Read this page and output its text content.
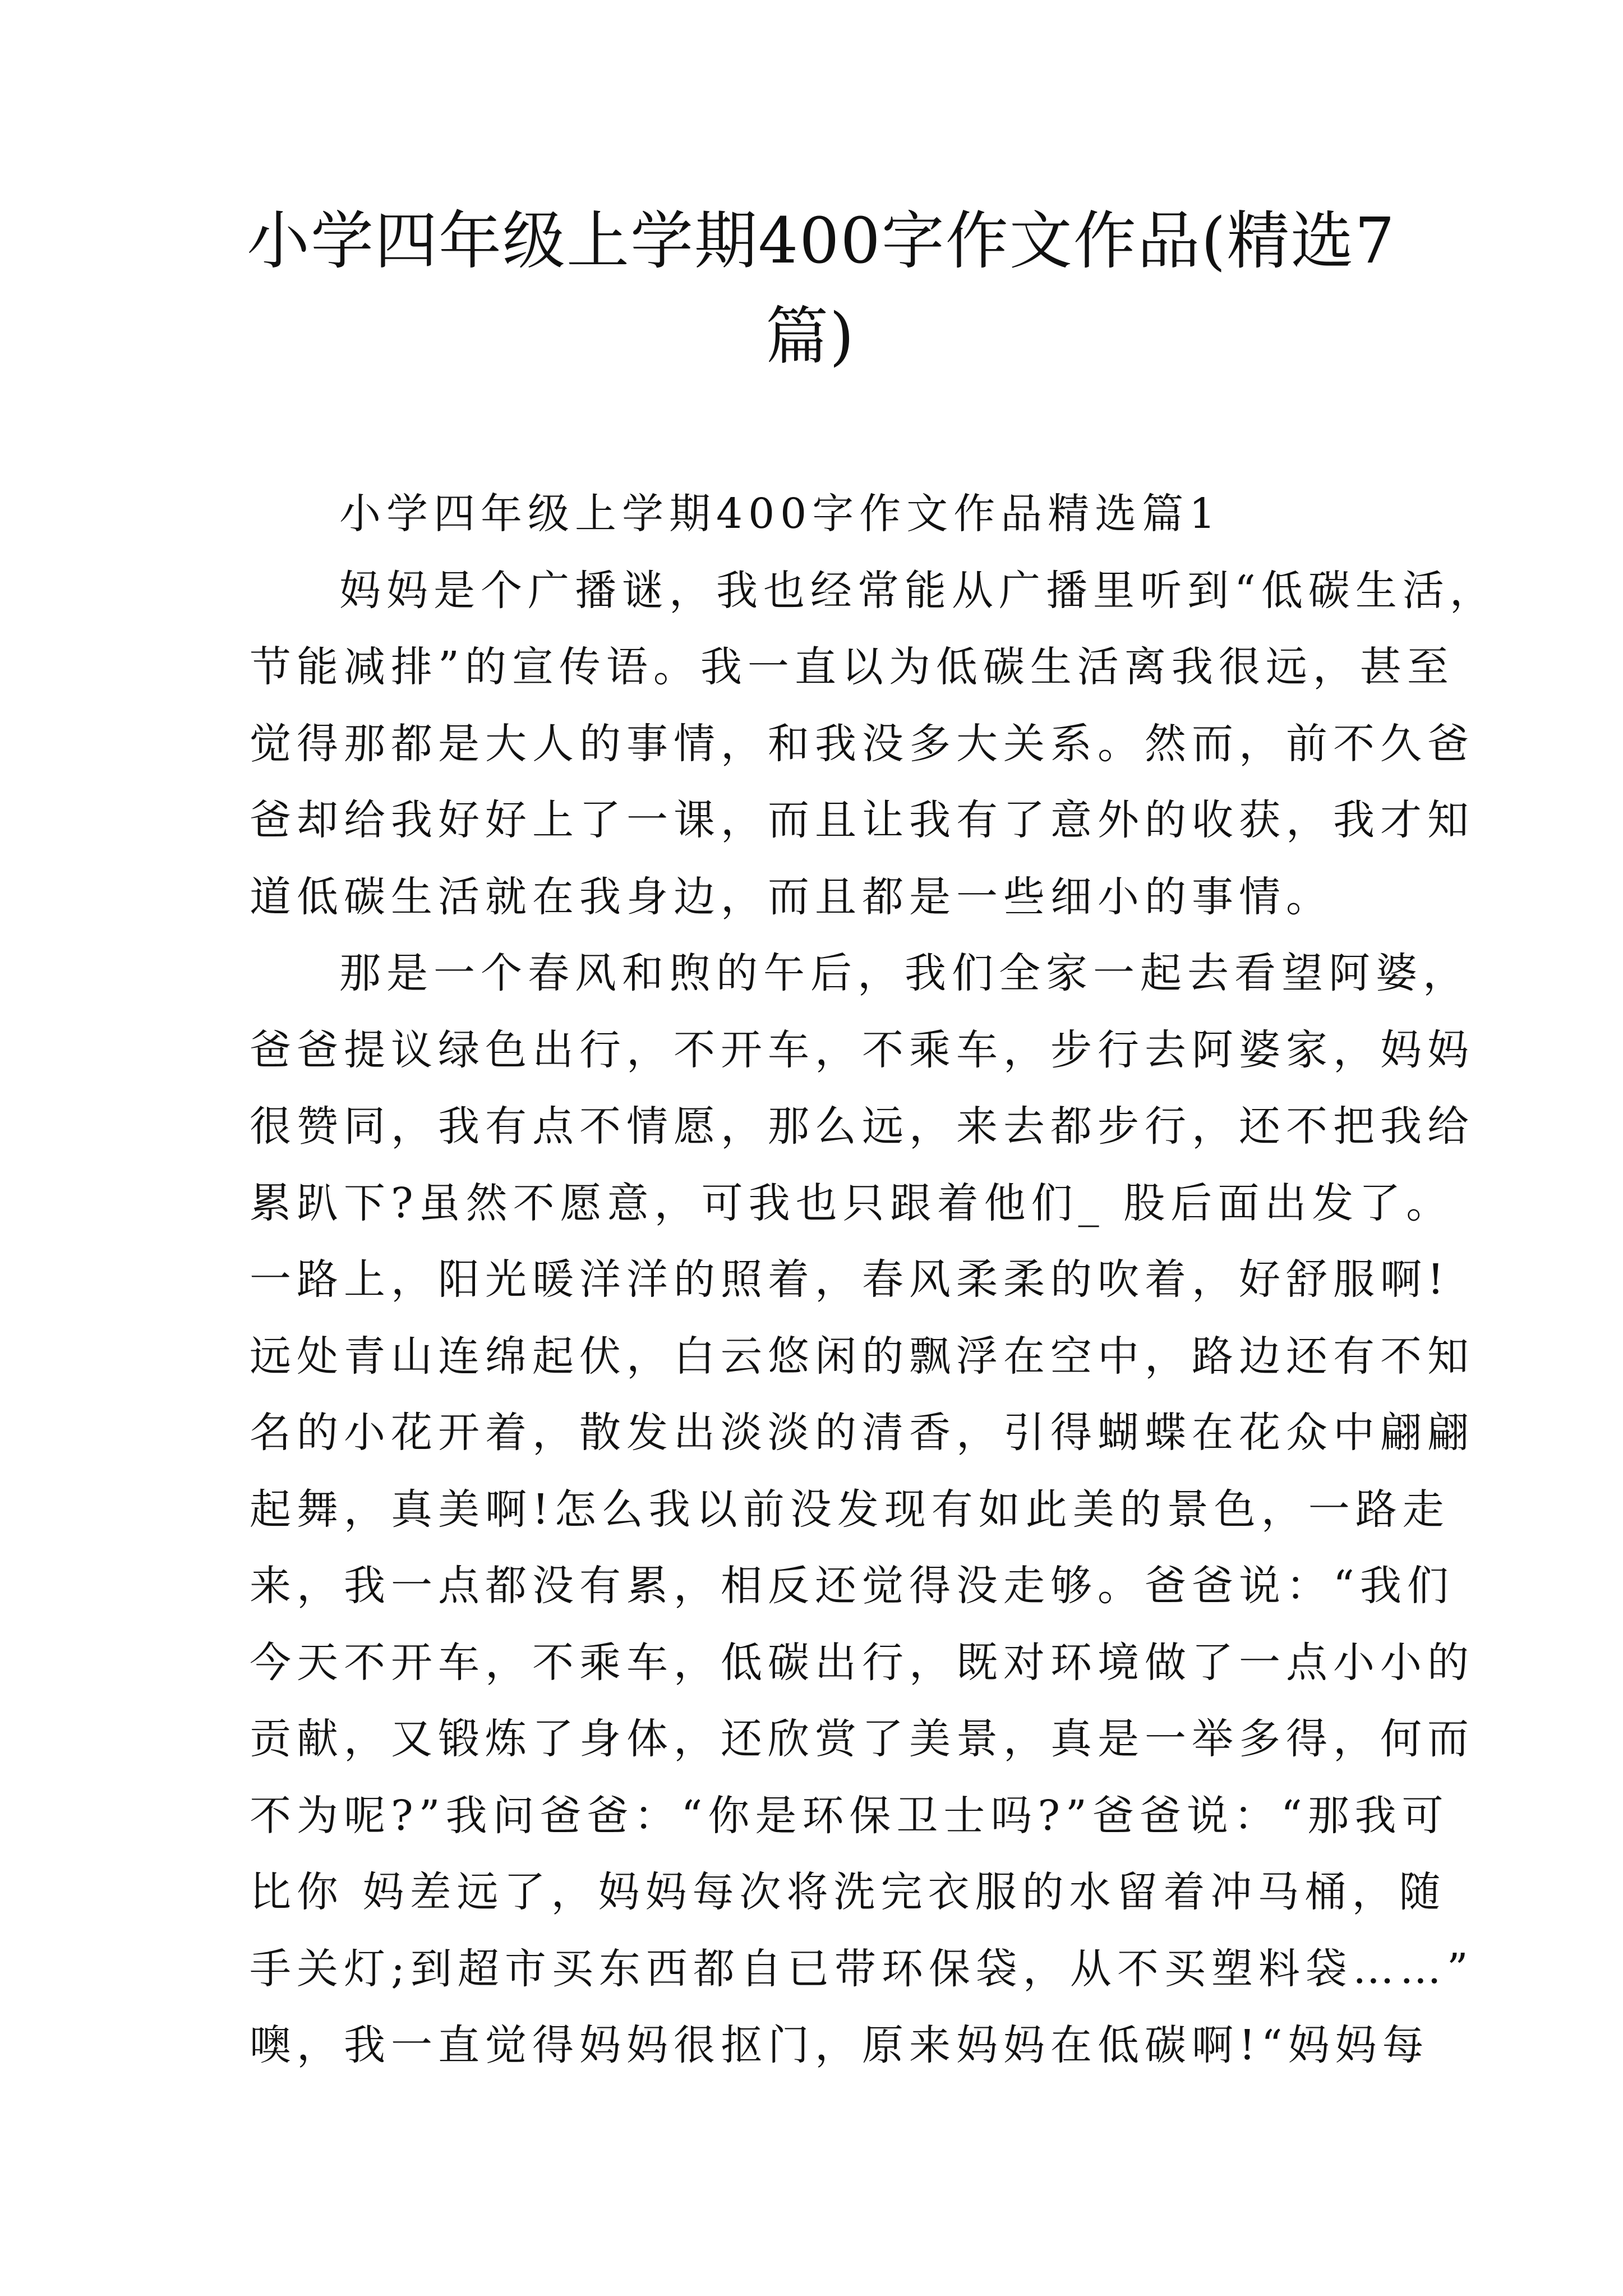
小学四年级上学期400字作文作品(精选7
篇)
小学四年级上学期400字作文作品精选篇1
妈妈是个广播谜，我也经常能从广播里听到“低碳生活，
节能减排”的宣传语。我一直以为低碳生活离我很远，甚至
觉得那都是大人的事情，和我没多大关系。然而，前不久爸
爸却给我好好上了一课，而且让我有了意外的收获，我才知
道低碳生活就在我身边，而且都是一些细小的事情。
那是一个春风和煦的午后，我们全家一起去看望阿婆，
爸爸提议绿色出行，不开车，不乘车，步行去阿婆家，妈妈
很赞同，我有点不情愿，那么远，来去都步行，还不把我给
累趴下?虽然不愿意，可我也只跟着他们_ 股后面出发了。
一路上，阳光暖洋洋的照着，春风柔柔的吹着，好舒服啊!
远处青山连绵起伏，白云悠闲的飘浮在空中，路边还有不知
名的小花开着，散发出淡淡的清香，引得蝴蝶在花众中翩翩
起舞，真美啊!怎么我以前没发现有如此美的景色，一路走
来，我一点都没有累，相反还觉得没走够。爸爸说：“我们
今天不开车，不乘车，低碳出行，既对环境做了一点小小的
贡献，又锻炼了身体，还欣赏了美景，真是一举多得，何而
不为呢?”我问爸爸：“你是环保卫士吗?”爸爸说：“那我可
比你 妈差远了，妈妈每次将洗完衣服的水留着冲马桶，随
手关灯;到超市买东西都自已带环保袋，从不买塑料袋……”
噢，我一直觉得妈妈很抠门，原来妈妈在低碳啊!“妈妈每
